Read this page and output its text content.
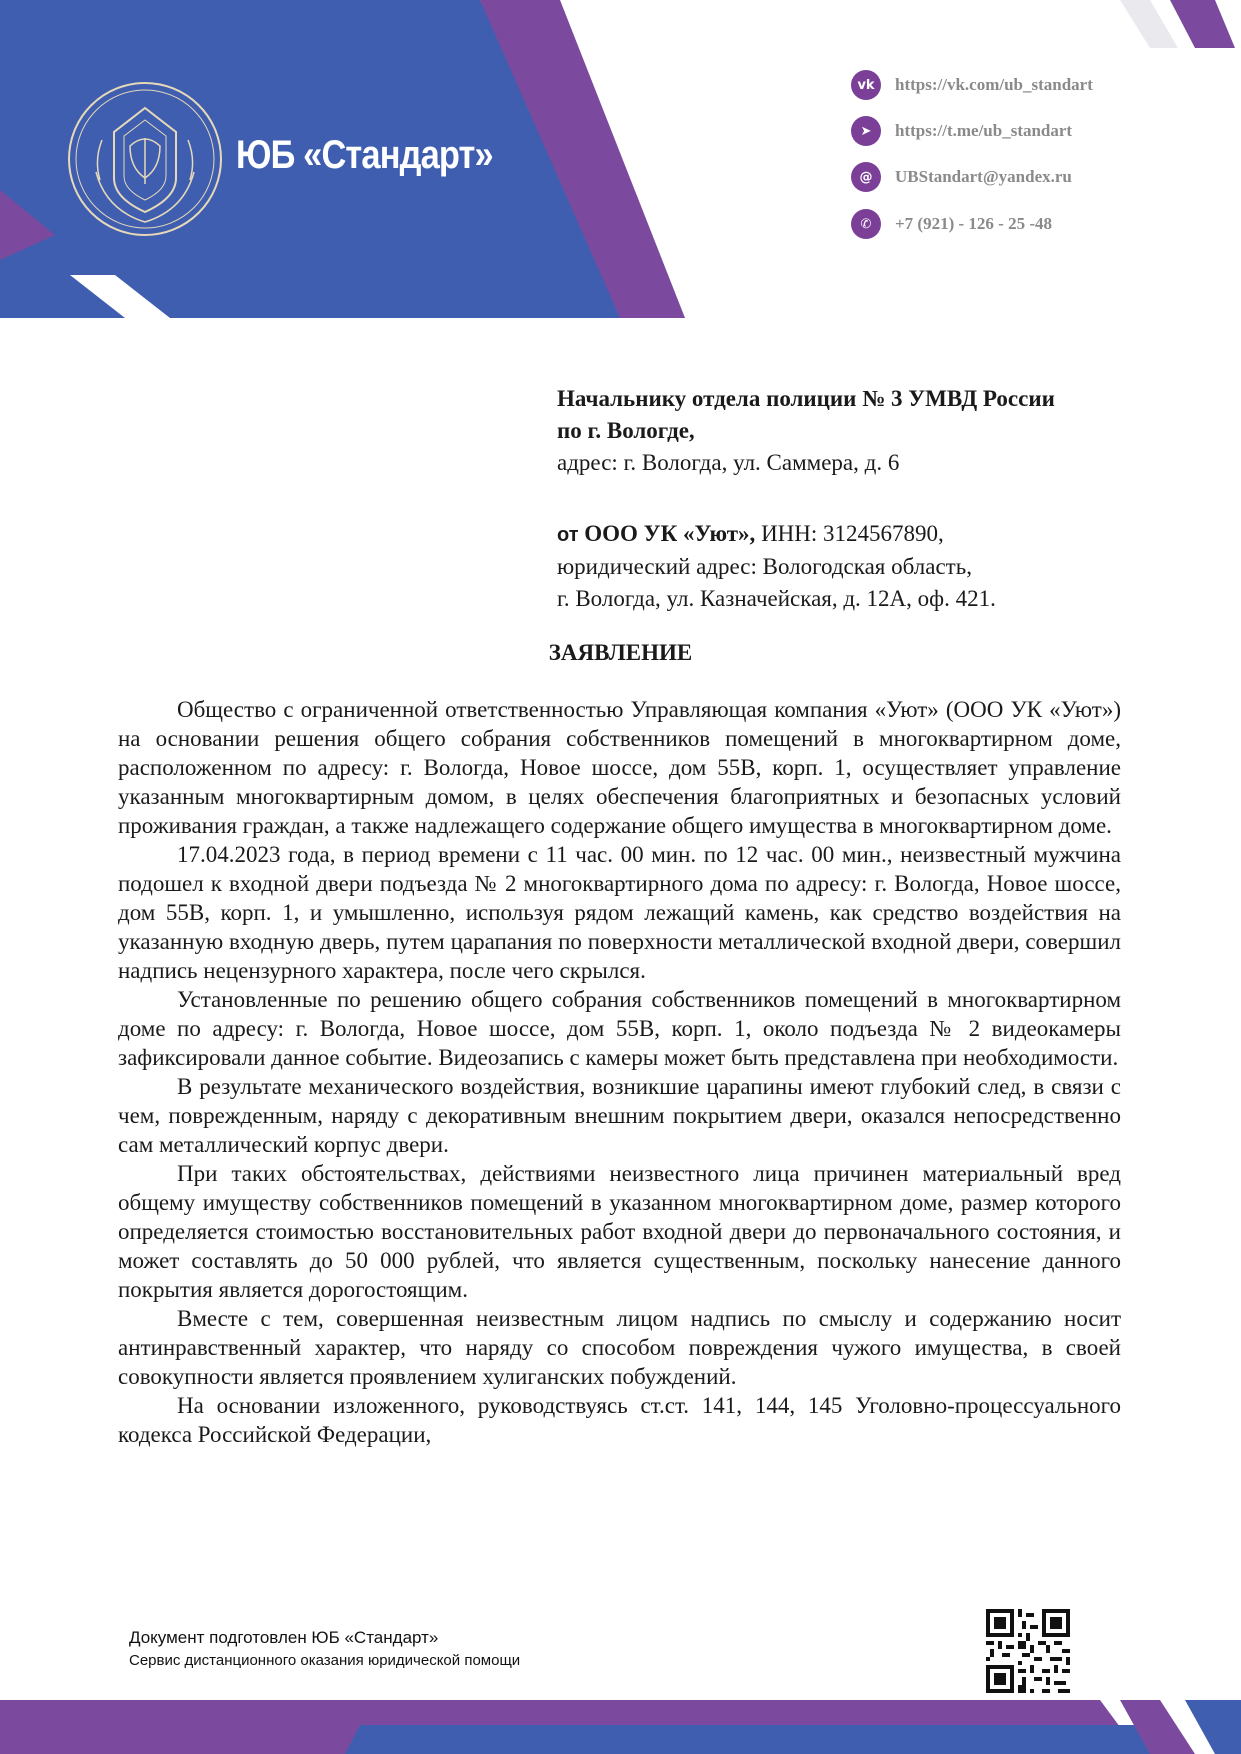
ЮБ «Стандарт»
vk	https://vk.com/ub_standart
➤	https://t.me/ub_standart
@	UBStandart@yandex.ru
✆	+7 (921) - 126 - 25 -48
Начальнику отдела полиции № 3 УМВД России
по г. Вологде,
адрес: г. Вологда, ул. Саммера, д. 6
от ООО УК «Уют», ИНН: 3124567890,
юридический адрес: Вологодская область,
г. Вологда, ул. Казначейская, д. 12А, оф. 421.
ЗАЯВЛЕНИЕ

Общество с ограниченной ответственностью Управляющая компания «Уют» (ООО УК «Уют») на основании решения общего собрания собственников помещений в многоквартирном доме, расположенном по адресу: г. Вологда, Новое шоссе, дом 55В, корп. 1, осуществляет управление указанным многоквартирным домом, в целях обеспечения благоприятных и безопасных условий проживания граждан, а также надлежащего содержание общего имущества в многоквартирном доме.

17.04.2023 года, в период времени с 11 час. 00 мин. по 12 час. 00 мин., неизвестный мужчина подошел к входной двери подъезда № 2 многоквартирного дома по адресу: г. Вологда, Новое шоссе, дом 55В, корп. 1, и умышленно, используя рядом лежащий камень, как средство воздействия на указанную входную дверь, путем царапания по поверхности металлической входной двери, совершил надпись нецензурного характера, после чего скрылся.

Установленные по решению общего собрания собственников помещений в многоквартирном доме по адресу: г. Вологда, Новое шоссе, дом 55В, корп. 1, около подъезда № 2 видеокамеры зафиксировали данное событие. Видеозапись с камеры может быть представлена при необходимости.

В результате механического воздействия, возникшие царапины имеют глубокий след, в связи с чем, поврежденным, наряду с декоративным внешним покрытием двери, оказался непосредственно сам металлический корпус двери.

При таких обстоятельствах, действиями неизвестного лица причинен материальный вред общему имуществу собственников помещений в указанном многоквартирном доме, размер которого определяется стоимостью восстановительных работ входной двери до первоначального состояния, и может составлять до 50 000 рублей, что является существенным, поскольку нанесение данного покрытия является дорогостоящим.

Вместе с тем, совершенная неизвестным лицом надпись по смыслу и содержанию носит антинравственный характер, что наряду со способом повреждения чужого имущества, в своей совокупности является проявлением хулиганских побуждений.

На основании изложенного, руководствуясь ст.ст. 141, 144, 145 Уголовно-процессуального кодекса Российской Федерации,

Документ подготовлен ЮБ «Стандарт»
Сервис дистанционного оказания юридической помощи
